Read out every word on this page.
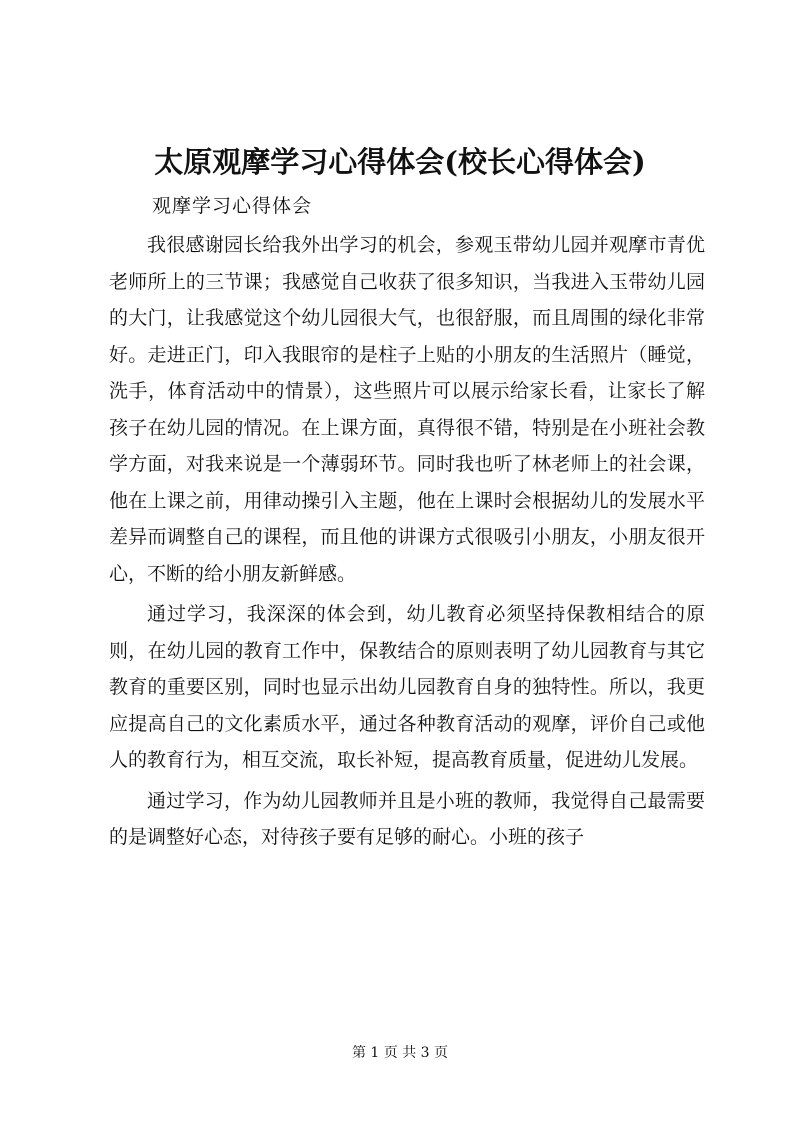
太原观摩学习心得体会(校长心得体会)
观摩学习心得体会

我很感谢园长给我外出学习的机会，参观玉带幼儿园并观摩市青优老师所上的三节课；我感觉自己收获了很多知识，当我进入玉带幼儿园的大门，让我感觉这个幼儿园很大气，也很舒服，而且周围的绿化非常好。走进正门，印入我眼帘的是柱子上贴的小朋友的生活照片（睡觉，洗手，体育活动中的情景），这些照片可以展示给家长看，让家长了解孩子在幼儿园的情况。在上课方面，真得很不错，特别是在小班社会教学方面，对我来说是一个薄弱环节。同时我也听了林老师上的社会课，他在上课之前，用律动操引入主题，他在上课时会根据幼儿的发展水平差异而调整自己的课程，而且他的讲课方式很吸引小朋友，小朋友很开心，不断的给小朋友新鲜感。

通过学习，我深深的体会到，幼儿教育必须坚持保教相结合的原则，在幼儿园的教育工作中，保教结合的原则表明了幼儿园教育与其它教育的重要区别，同时也显示出幼儿园教育自身的独特性。所以，我更应提高自己的文化素质水平，通过各种教育活动的观摩，评价自己或他人的教育行为，相互交流，取长补短，提高教育质量，促进幼儿发展。

通过学习，作为幼儿园教师并且是小班的教师，我觉得自己最需要的是调整好心态，对待孩子要有足够的耐心。小班的孩子

第 1 页 共 3 页
